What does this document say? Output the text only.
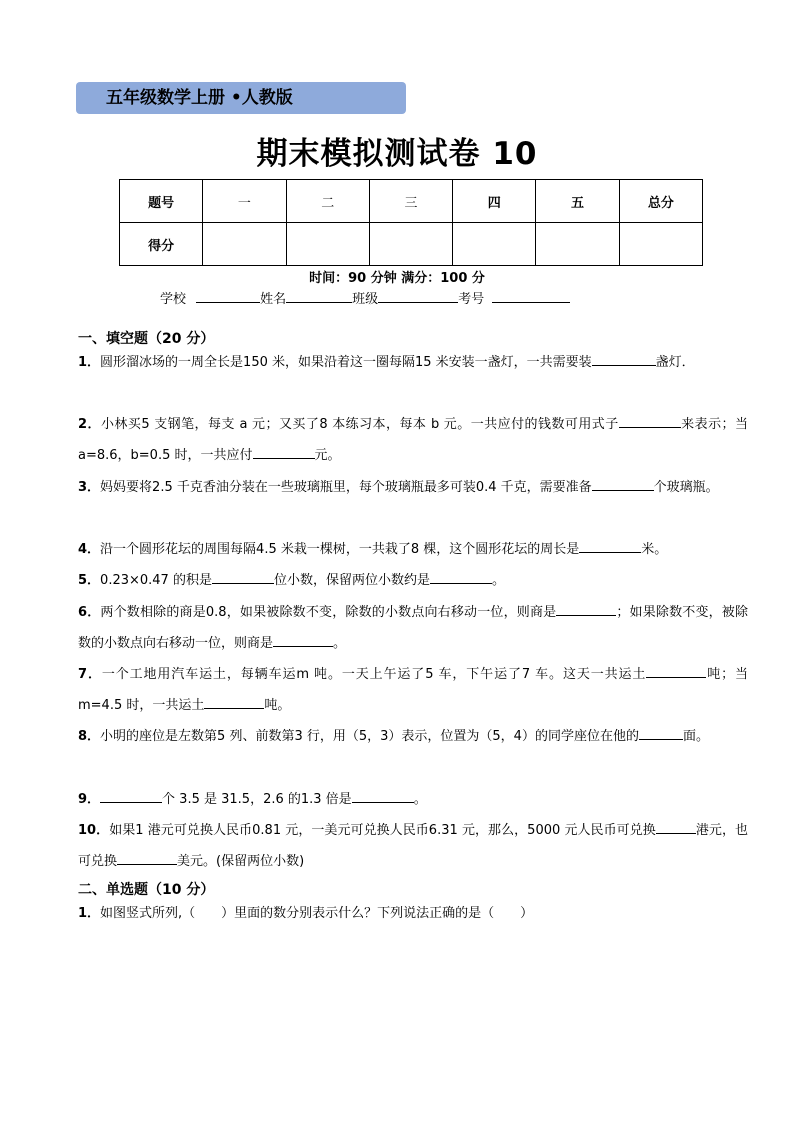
五年级数学上册 •人教版
期末模拟测试卷 10
题号	一	二	三	四	五	总分
得分						
时间：90 分钟 满分：100 分
学校	姓名	班级	考号
一、填空题（20 分）
1．圆形溜冰场的一周全长是150 米，如果沿着这一圈每隔15 米安装一盏灯，一共需要装	盏灯．
2．小林买5 支钢笔，每支 a 元；又买了8 本练习本，每本 b 元。一共应付的钱数可用式子	来表示；当 a=8.6，b=0.5 时，一共应付	元。
3．妈妈要将2.5 千克香油分装在一些玻璃瓶里，每个玻璃瓶最多可装0.4 千克，需要准备	个玻璃瓶。
4．沿一个圆形花坛的周围每隔4.5 米栽一棵树，一共栽了8 棵，这个圆形花坛的周长是	米。
5．0.23×0.47 的积是	位小数，保留两位小数约是	。
6．两个数相除的商是0.8，如果被除数不变，除数的小数点向右移动一位，则商是	；如果除数不变，被除数的小数点向右移动一位，则商是	。
7．一个工地用汽车运土，每辆车运m 吨。一天上午运了5 车，下午运了7 车。这天一共运土	吨；当m=4.5 时，一共运土	吨。
8．小明的座位是左数第5 列、前数第3 行，用（5，3）表示，位置为（5，4）的同学座位在他的	面。
9．	个 3.5 是 31.5，2.6 的1.3 倍是	。
10．如果1 港元可兑换人民币0.81 元，一美元可兑换人民币6.31 元，那么，5000 元人民币可兑换	港元，也可兑换	美元。(保留两位小数)
二、单选题（10 分）
1．如图竖式所列,（　　）里面的数分别表示什么？下列说法正确的是（　　）
